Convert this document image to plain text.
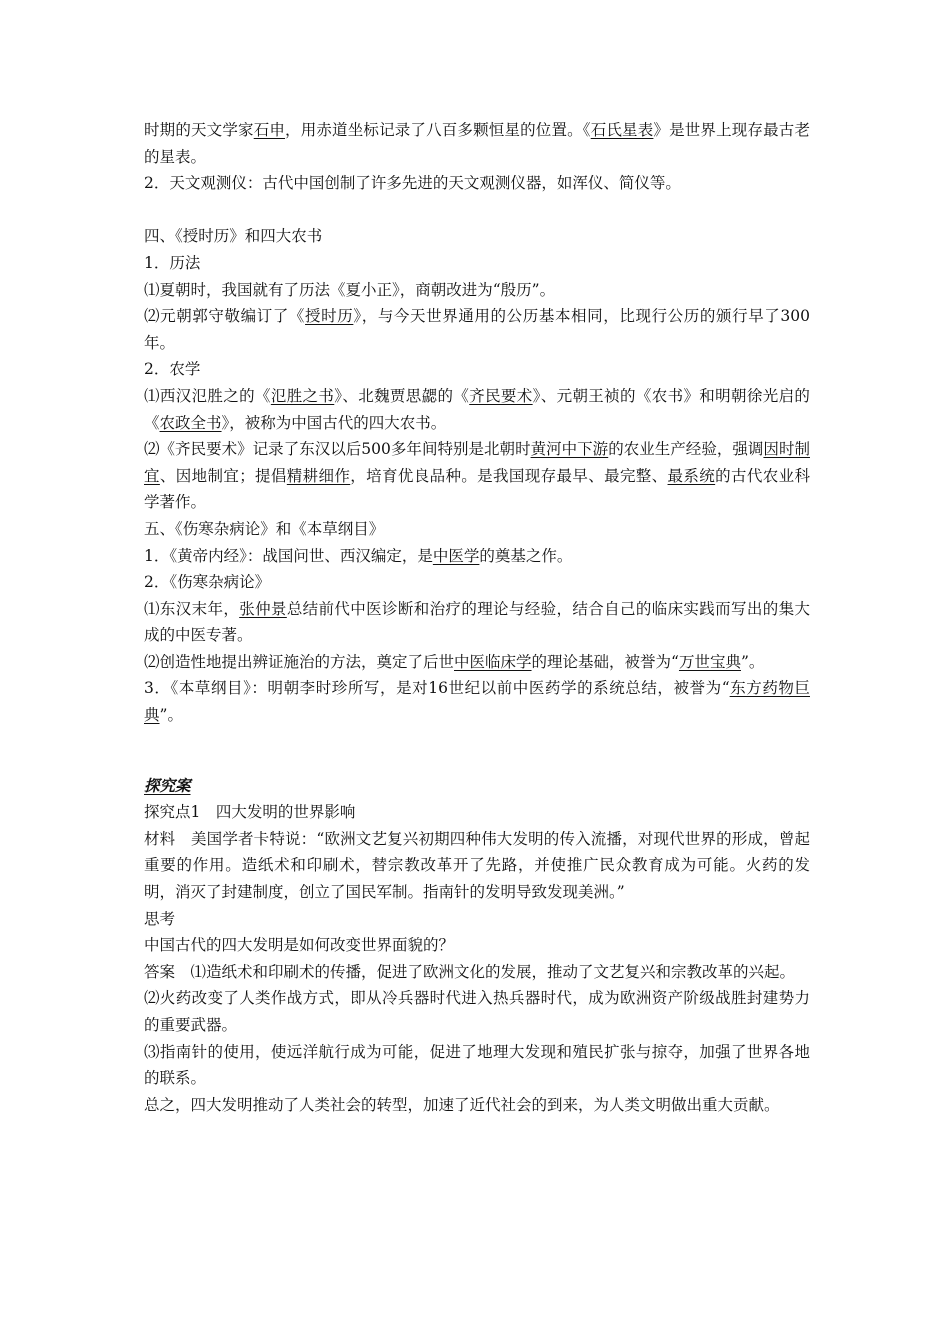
时期的天文学家石申，用赤道坐标记录了八百多颗恒星的位置。《石氏星表》是世界上现存最古老的星表。

2．天文观测仪：古代中国创制了许多先进的天文观测仪器，如浑仪、简仪等。

四、《授时历》和四大农书

1．历法

⑴夏朝时，我国就有了历法《夏小正》，商朝改进为“殷历”。

⑵元朝郭守敬编订了《授时历》，与今天世界通用的公历基本相同，比现行公历的颁行早了300年。

2．农学

⑴西汉氾胜之的《氾胜之书》、北魏贾思勰的《齐民要术》、元朝王祯的《农书》和明朝徐光启的《农政全书》，被称为中国古代的四大农书。

⑵《齐民要术》记录了东汉以后500多年间特别是北朝时黄河中下游的农业生产经验，强调因时制宜、因地制宜；提倡精耕细作，培育优良品种。是我国现存最早、最完整、最系统的古代农业科学著作。

五、《伤寒杂病论》和《本草纲目》

1．《黄帝内经》：战国问世、西汉编定，是中医学的奠基之作。

2．《伤寒杂病论》

⑴东汉末年，张仲景总结前代中医诊断和治疗的理论与经验，结合自己的临床实践而写出的集大成的中医专著。

⑵创造性地提出辨证施治的方法，奠定了后世中医临床学的理论基础，被誉为“万世宝典”。

3．《本草纲目》：明朝李时珍所写，是对16世纪以前中医药学的系统总结，被誉为“东方药物巨典”。

探究案

探究点1　四大发明的世界影响

材料　美国学者卡特说：“欧洲文艺复兴初期四种伟大发明的传入流播，对现代世界的形成，曾起重要的作用。造纸术和印刷术，替宗教改革开了先路，并使推广民众教育成为可能。火药的发明，消灭了封建制度，创立了国民军制。指南针的发明导致发现美洲。”

思考

中国古代的四大发明是如何改变世界面貌的？

答案　⑴造纸术和印刷术的传播，促进了欧洲文化的发展，推动了文艺复兴和宗教改革的兴起。

⑵火药改变了人类作战方式，即从冷兵器时代进入热兵器时代，成为欧洲资产阶级战胜封建势力的重要武器。

⑶指南针的使用，使远洋航行成为可能，促进了地理大发现和殖民扩张与掠夺，加强了世界各地的联系。

总之，四大发明推动了人类社会的转型，加速了近代社会的到来，为人类文明做出重大贡献。
